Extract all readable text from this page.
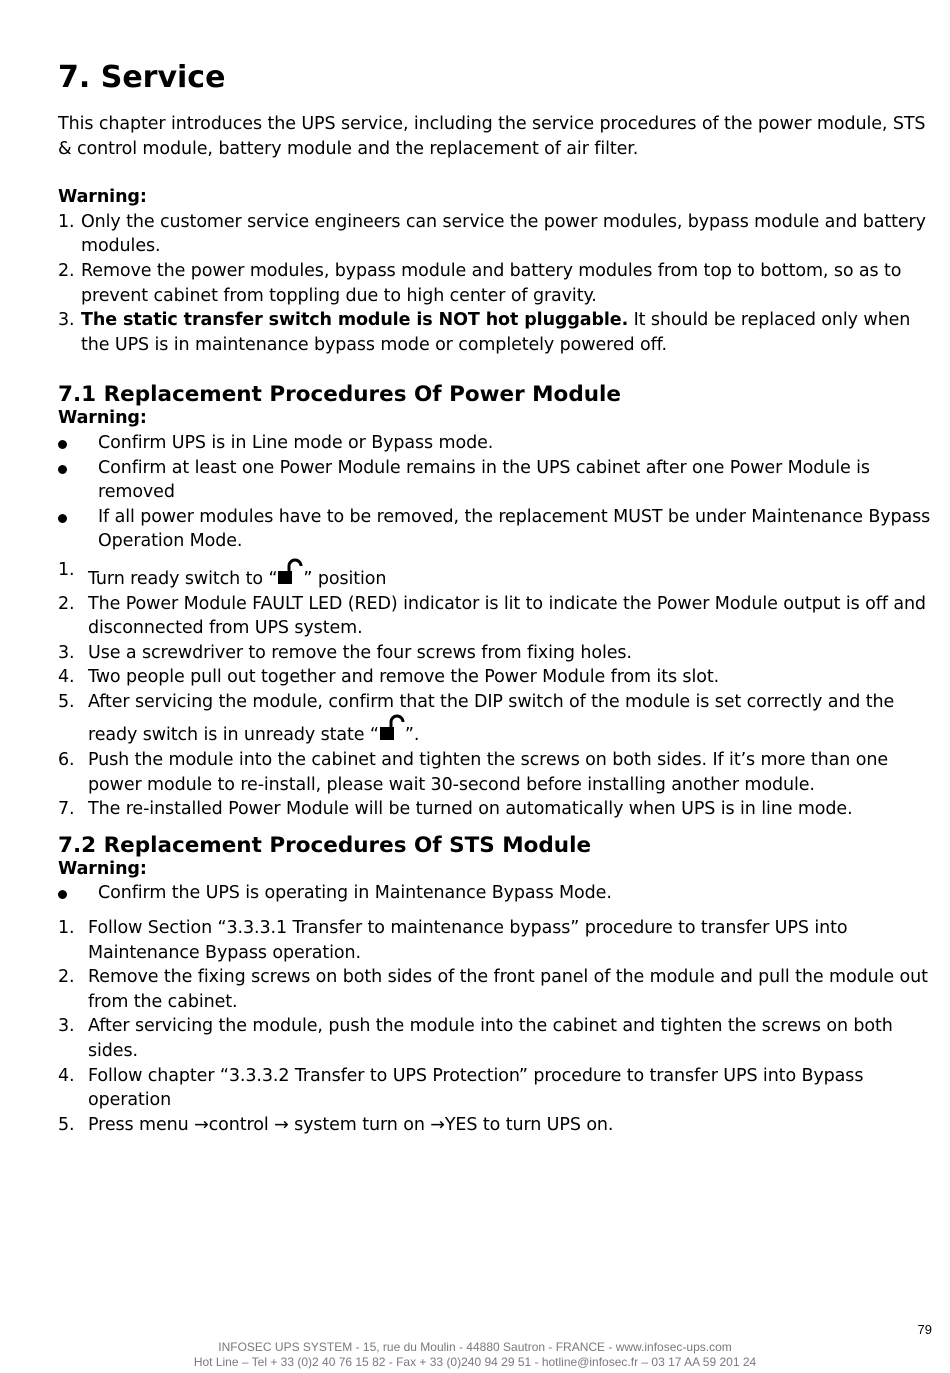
7. Service

This chapter introduces the UPS service, including the service procedures of the power module, STS & control module, battery module and the replacement of air filter.

Warning:

1. Only the customer service engineers can service the power modules, bypass module and battery modules.
2. Remove the power modules, bypass module and battery modules from top to bottom, so as to prevent cabinet from toppling due to high center of gravity.
3. The static transfer switch module is NOT hot pluggable. It should be replaced only when the UPS is in maintenance bypass mode or completely powered off.
7.1 Replacement Procedures Of Power Module

Warning:

Confirm UPS is in Line mode or Bypass mode.
Confirm at least one Power Module remains in the UPS cabinet after one Power Module is removed
If all power modules have to be removed, the replacement MUST be under Maintenance Bypass Operation Mode.
1. Turn ready switch to “ ” position
2. The Power Module FAULT LED (RED) indicator is lit to indicate the Power Module output is off and disconnected from UPS system.
3. Use a screwdriver to remove the four screws from fixing holes.
4. Two people pull out together and remove the Power Module from its slot.
5. After servicing the module, confirm that the DIP switch of the module is set correctly and the ready switch is in unready state “ ”.
6. Push the module into the cabinet and tighten the screws on both sides. If it’s more than one power module to re-install, please wait 30-second before installing another module.
7. The re-installed Power Module will be turned on automatically when UPS is in line mode.
7.2 Replacement Procedures Of STS Module

Warning:

Confirm the UPS is operating in Maintenance Bypass Mode.
1. Follow Section “3.3.3.1 Transfer to maintenance bypass” procedure to transfer UPS into Maintenance Bypass operation.
2. Remove the fixing screws on both sides of the front panel of the module and pull the module out from the cabinet.
3. After servicing the module, push the module into the cabinet and tighten the screws on both sides.
4. Follow chapter “3.3.3.2 Transfer to UPS Protection” procedure to transfer UPS into Bypass operation
5. Press menu →control → system turn on →YES to turn UPS on.
79
INFOSEC UPS SYSTEM - 15, rue du Moulin - 44880 Sautron - FRANCE - www.infosec-ups.com
Hot Line – Tel + 33 (0)2 40 76 15 82 - Fax + 33 (0)240 94 29 51 - hotline@infosec.fr – 03 17 AA 59 201 24
